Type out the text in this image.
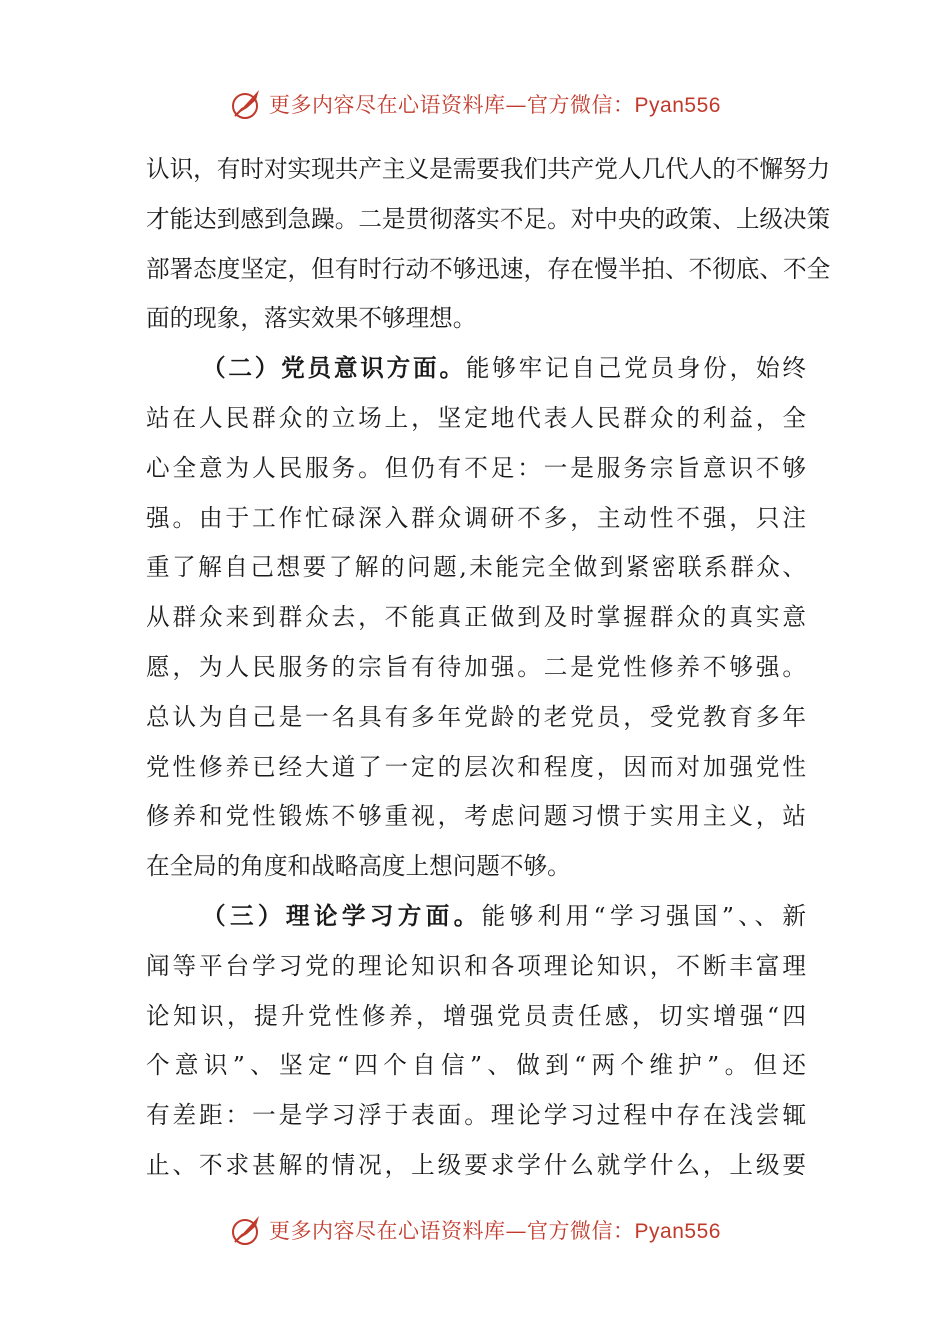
更多内容尽在心语资料库—官方微信：Pyan556
认识，有时对实现共产主义是需要我们共产党人几代人的不懈努力
才能达到感到急躁。二是贯彻落实不足。对中央的政策、上级决策
部署态度坚定，但有时行动不够迅速，存在慢半拍、不彻底、不全
面的现象，落实效果不够理想。
（二）党员意识方面。能够牢记自己党员身份，始终
站在人民群众的立场上，坚定地代表人民群众的利益，全
心全意为人民服务。但仍有不足：一是服务宗旨意识不够
强。由于工作忙碌深入群众调研不多，主动性不强，只注
重了解自己想要了解的问题,未能完全做到紧密联系群众、
从群众来到群众去，不能真正做到及时掌握群众的真实意
愿，为人民服务的宗旨有待加强。二是党性修养不够强。
总认为自己是一名具有多年党龄的老党员，受党教育多年
党性修养已经大道了一定的层次和程度，因而对加强党性
修养和党性锻炼不够重视，考虑问题习惯于实用主义，站
在全局的角度和战略高度上想问题不够。
（三）理论学习方面。能够利用“学习强国”、、新
闻等平台学习党的理论知识和各项理论知识，不断丰富理
论知识，提升党性修养，增强党员责任感，切实增强“四
个意识”、坚定“四个自信”、做到“两个维护”。但还
有差距：一是学习浮于表面。理论学习过程中存在浅尝辄
止、不求甚解的情况，上级要求学什么就学什么，上级要
更多内容尽在心语资料库—官方微信：Pyan556
